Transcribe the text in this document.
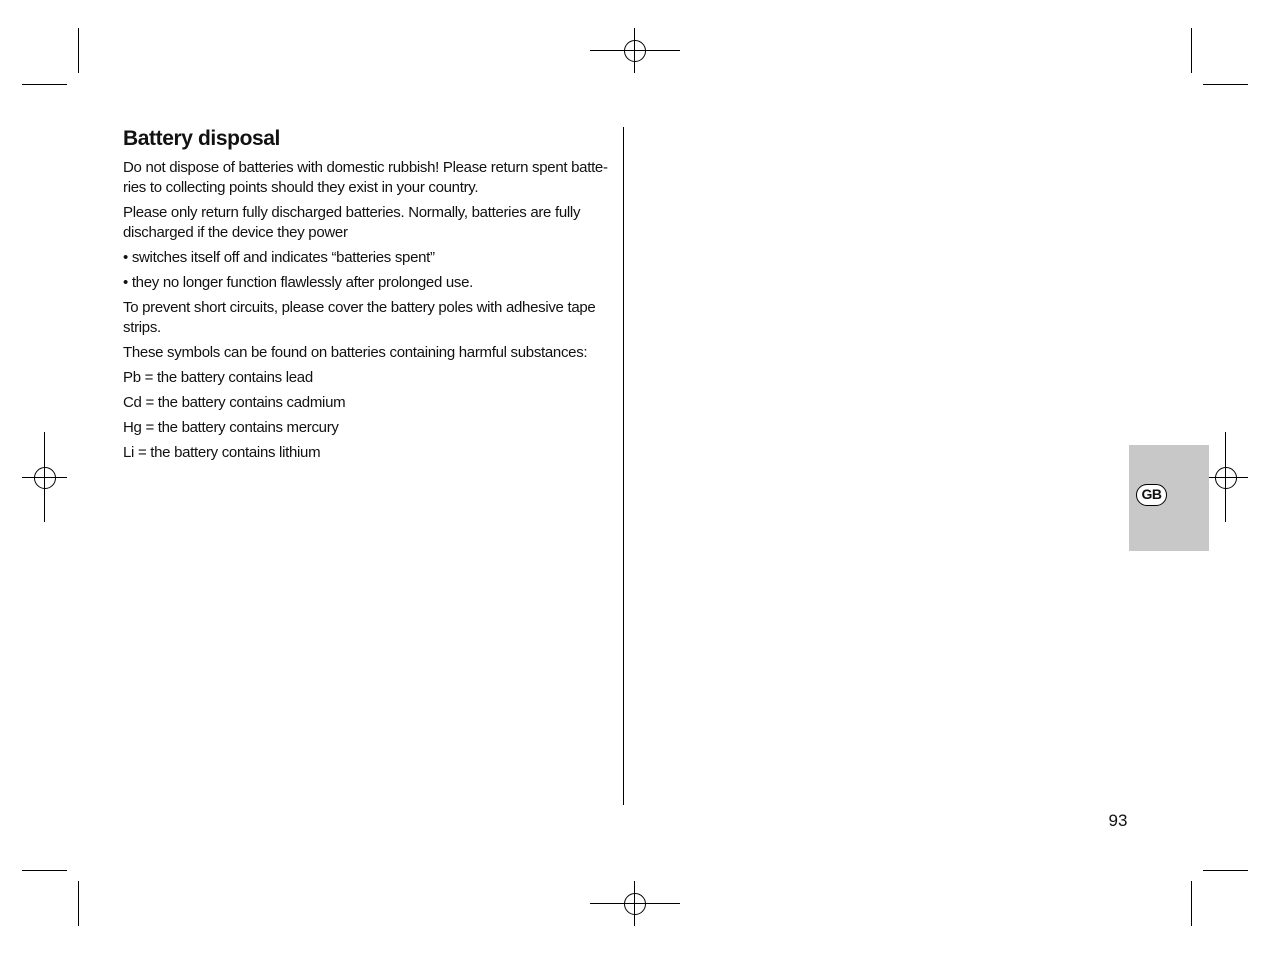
Battery disposal

Do not dispose of batteries with domestic rubbish! Please return spent batte-ries to collecting points should they exist in your country.

Please only return fully discharged batteries. Normally, batteries are fully discharged if the device they power

• switches itself off and indicates “batteries spent”

• they no longer function flawlessly after prolonged use.

To prevent short circuits, please cover the battery poles with adhesive tape strips.

These symbols can be found on batteries containing harmful substances:

Pb = the battery contains lead

Cd = the battery contains cadmium

Hg = the battery contains mercury

Li = the battery contains lithium

GB
93
